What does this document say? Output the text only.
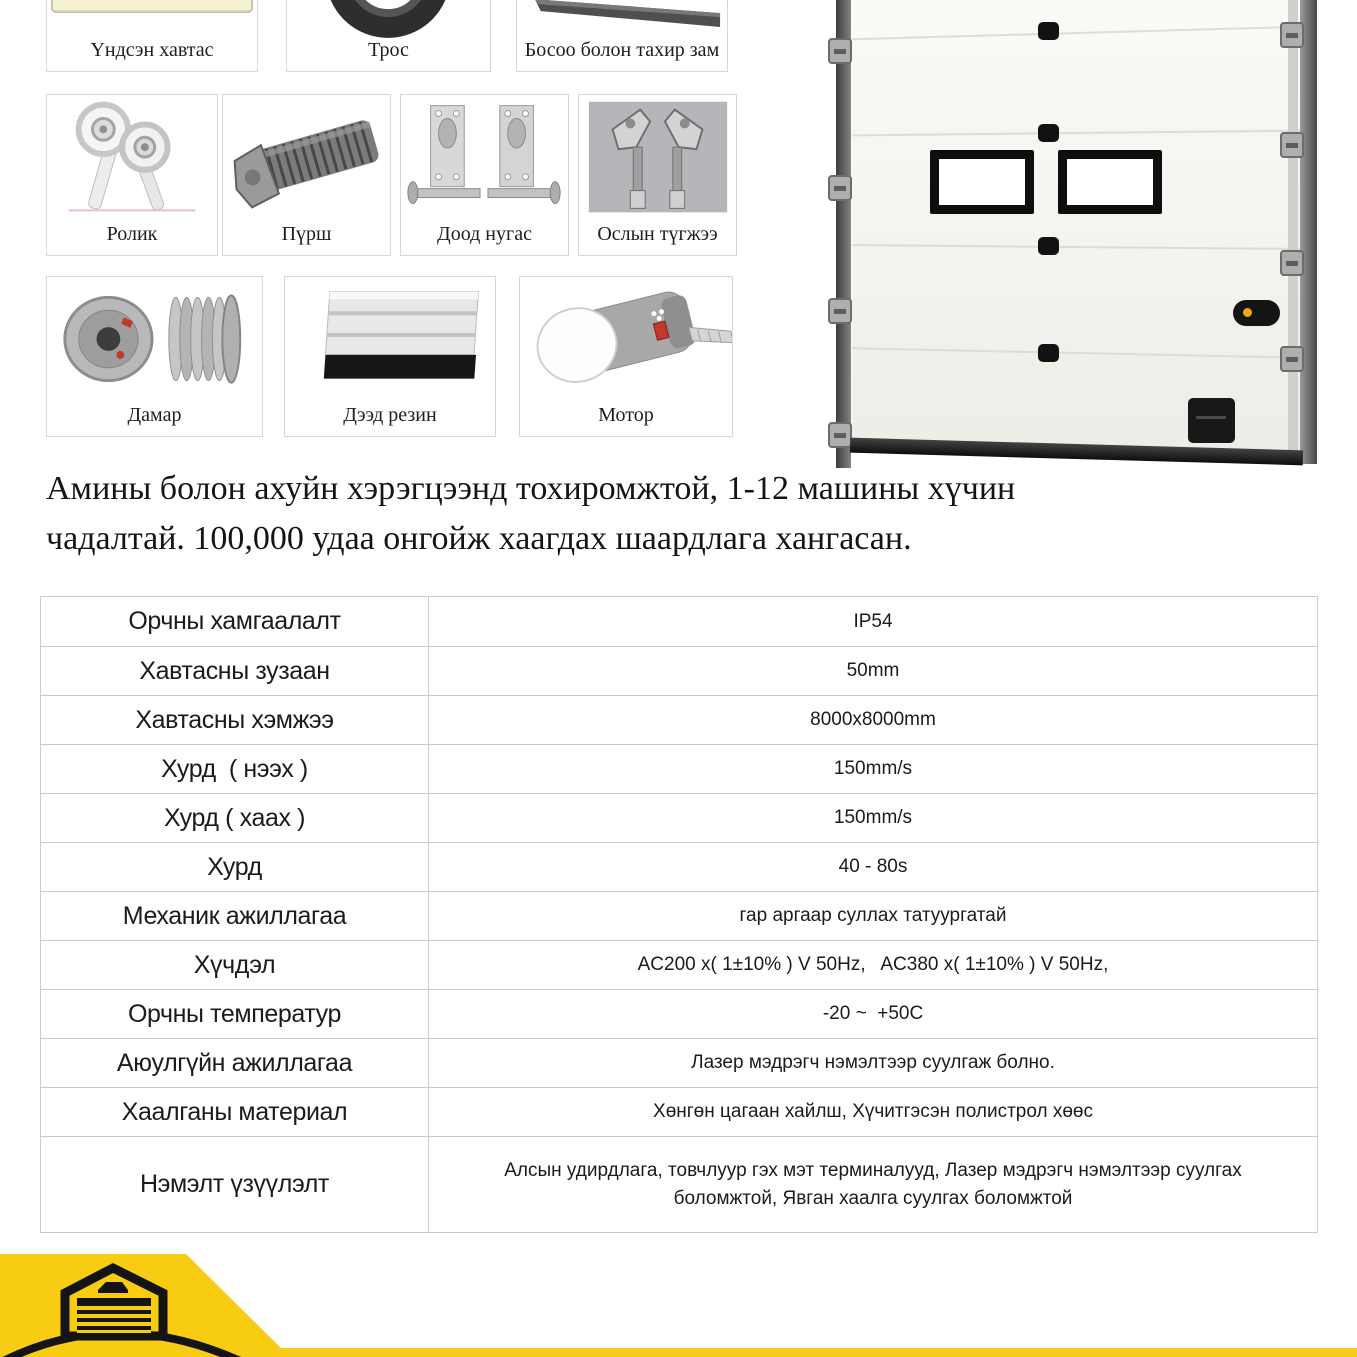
Үндсэн хавтас	Трос	Босоо болон тахир зам
Ролик	Пүрш	Доод нугас	Ослын түгжээ
Дамар	Дээд резин	Мотор
Амины болон ахуйн хэрэгцээнд тохиромжтой, 1-12 машины хүчин
чадалтай. 100,000 удаа онгойж хаагдах шаардлага хангасан.
Орчны хамгаалалт	IP54
Хавтасны зузаан	50mm
Хавтасны хэмжээ	8000x8000mm
Хурд  ( нээх )	150mm/s
Хурд ( хаах )	150mm/s
Хурд	40 - 80s
Механик ажиллагаа	гар аргаар суллах татуургатай
Хүчдэл	AC200 x( 1±10% ) V 50Hz,   AC380 x( 1±10% ) V 50Hz,
Орчны температур	-20 ~  +50C
Аюулгүйн ажиллагаа	Лазер мэдрэгч нэмэлтээр суулгаж болно.
Хаалганы материал	Хөнгөн цагаан хайлш, Хүчитгэсэн полистрол хөөс
Нэмэлт үзүүлэлт	Алсын удирдлага, товчлуур гэх мэт терминалууд, Лазер мэдрэгч нэмэлтээр суулгах боломжтой, Явган хаалга суулгах боломжтой
